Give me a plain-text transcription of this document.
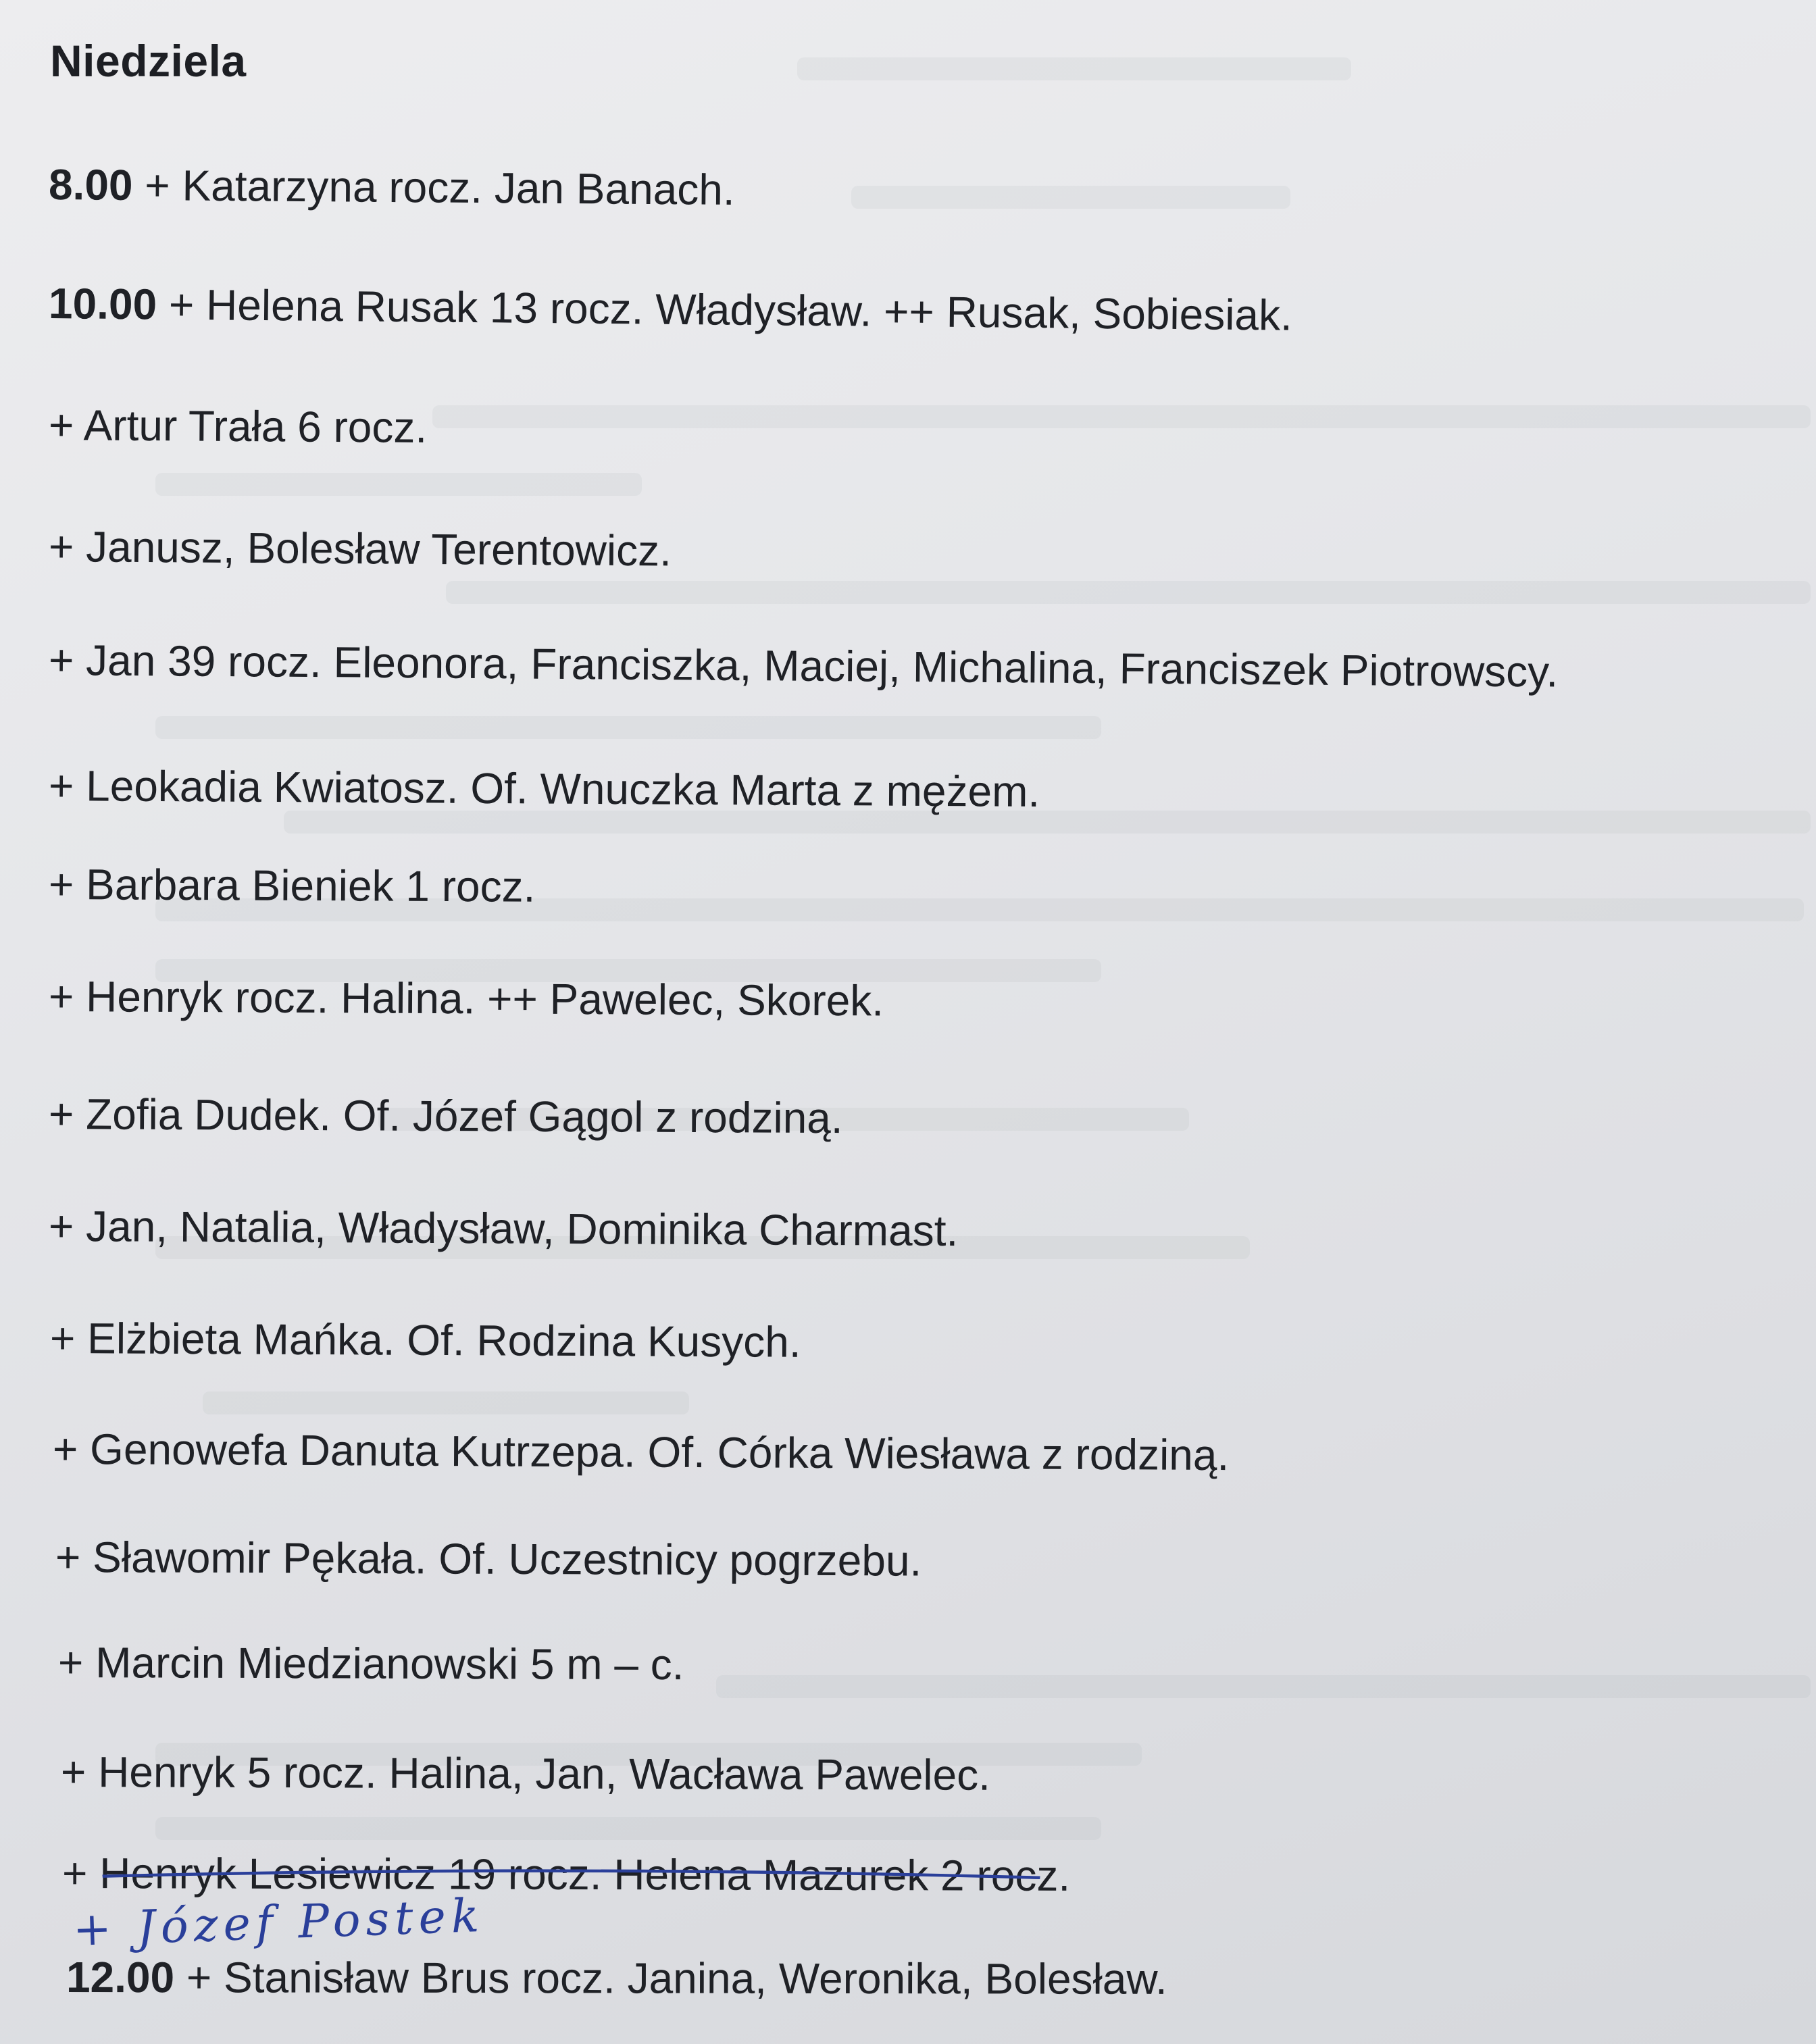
Niedziela

8.00 + Katarzyna rocz. Jan Banach.

10.00 + Helena Rusak 13 rocz. Władysław. ++ Rusak, Sobiesiak.

+ Artur Trała 6 rocz.

+ Janusz, Bolesław Terentowicz.

+ Jan 39 rocz. Eleonora, Franciszka, Maciej, Michalina, Franciszek Piotrowscy.

+ Leokadia Kwiatosz. Of. Wnuczka Marta z mężem.

+ Barbara Bieniek 1 rocz.

+ Henryk rocz. Halina. ++ Pawelec, Skorek.

+ Zofia Dudek. Of. Józef Gągol z rodziną.

+ Jan, Natalia, Władysław, Dominika Charmast.

+ Elżbieta Mańka. Of. Rodzina Kusych.

+ Genowefa Danuta Kutrzepa. Of. Córka Wiesława z rodziną.

+ Sławomir Pękała. Of. Uczestnicy pogrzebu.

+ Marcin Miedzianowski 5 m – c.

+ Henryk 5 rocz. Halina, Jan, Wacława Pawelec.

+ Henryk Lesiewicz 19 rocz. Helena Mazurek 2 rocz.

+ Józef Postek

12.00 + Stanisław Brus rocz. Janina, Weronika, Bolesław.
